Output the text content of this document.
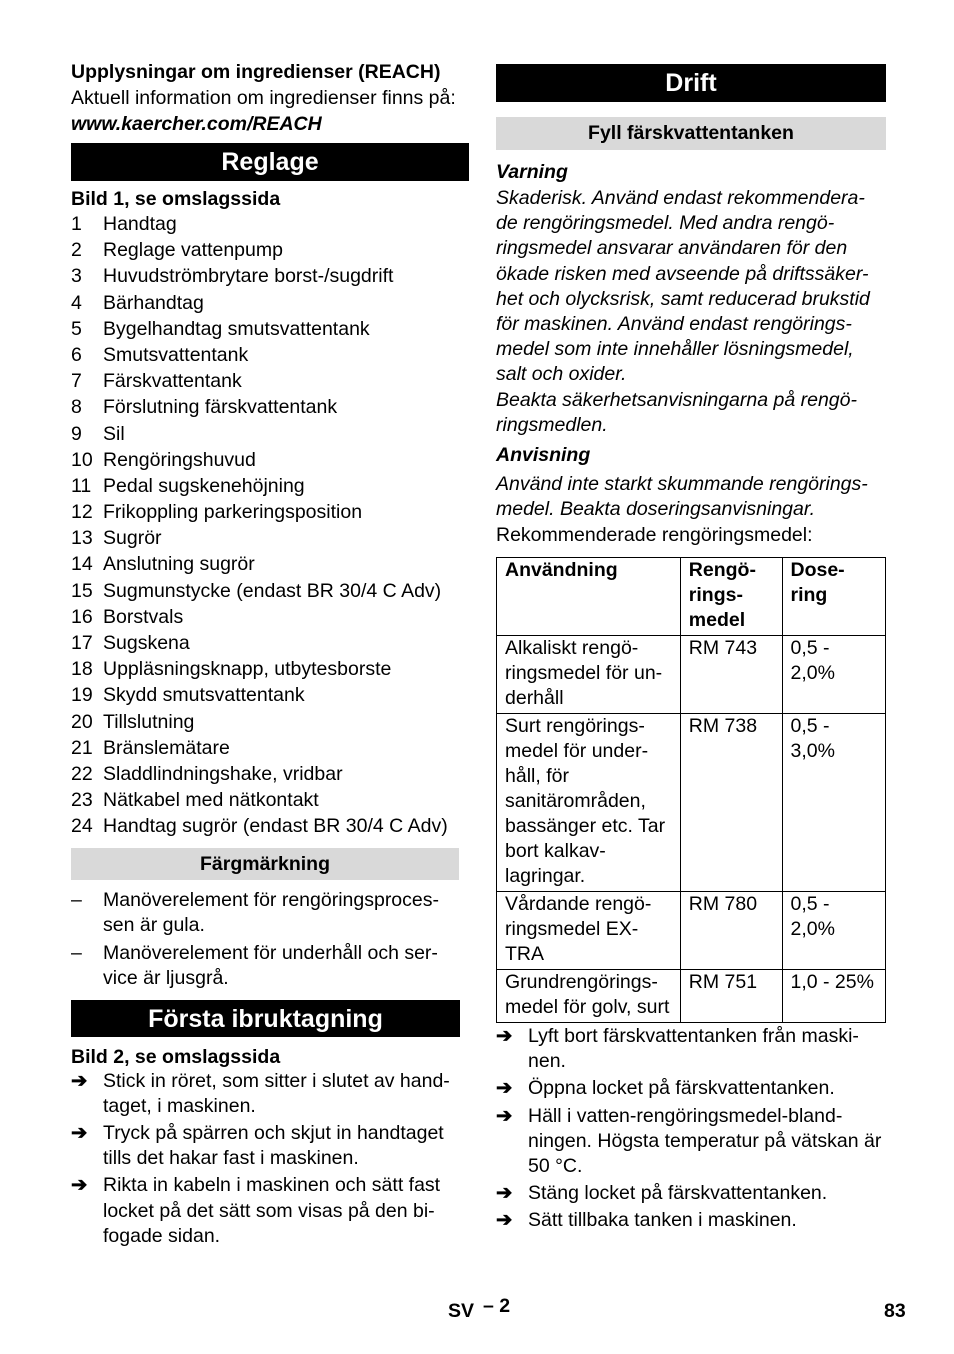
Upplysningar om ingredienser (REACH)
Aktuell information om ingredienser finns på:
www.kaercher.com/REACH
Reglage
Bild 1, se omslagssida
1	Handtag
2	Reglage vattenpump
3	Huvudströmbrytare borst-/sugdrift
4	Bärhandtag
5	Bygelhandtag smutsvattentank
6	Smutsvattentank
7	Färskvattentank
8	Förslutning färskvattentank
9	Sil
10 Rengöringshuvud
11 Pedal sugskenehöjning
12 Frikoppling parkeringsposition
13 Sugrör
14 Anslutning sugrör
15 Sugmunstycke (endast BR 30/4 C Adv)
16 Borstvals
17 Sugskena
18 Uppläsningsknapp, utbytesborste
19 Skydd smutsvattentank
20 Tillslutning
21 Bränslemätare
22 Sladdlindningshake, vridbar
23 Nätkabel med nätkontakt
24 Handtag sugrör (endast BR 30/4 C Adv)
Färgmärkning
–	Manöverelement för rengöringsproces-sen är gula.
–	Manöverelement för underhåll och ser-vice är ljusgrå.
Första ibruktagning
Bild 2, se omslagssida
➔ Stick in röret, som sitter i slutet av hand-taget, i maskinen.
➔ Tryck på spärren och skjut in handtaget tills det hakar fast i maskinen.
➔ Rikta in kabeln i maskinen och sätt fast locket på det sätt som visas på den bi-fogade sidan.
Drift
Fyll färskvattentanken
Varning
Skaderisk. Använd endast rekommendera-de rengöringsmedel. Med andra rengö-ringsmedel ansvarar användaren för den ökade risken med avseende på driftssäker-het och olycksrisk, samt reducerad brukstid för maskinen. Använd endast rengörings-medel som inte innehåller lösningsmedel, salt och oxider.
Beakta säkerhetsanvisningarna på rengö-ringsmedlen.
Anvisning
Använd inte starkt skummande rengörings-medel. Beakta doseringsanvisningar.
Rekommenderade rengöringsmedel:
Användning	Rengö-rings-medel	Dose-ring
Alkaliskt rengö-ringsmedel för un-derhåll	RM 743	0,5 - 2,0%
Surt rengörings-medel för under-håll, för sanitärområden, bassänger etc. Tar bort kalkav-lagringar.	RM 738	0,5 - 3,0%
Vårdande rengö-ringsmedel EX-TRA	RM 780	0,5 - 2,0%
Grundrengörings-medel för golv, surt	RM 751	1,0 - 25%
➔ Lyft bort färskvattentanken från maski-nen.
➔ Öppna locket på färskvattentanken.
➔ Häll i vatten-rengöringsmedel-bland-ningen. Högsta temperatur på vätskan är 50 °C.
➔ Stäng locket på färskvattentanken.
➔ Sätt tillbaka tanken i maskinen.
SV – 2	83
